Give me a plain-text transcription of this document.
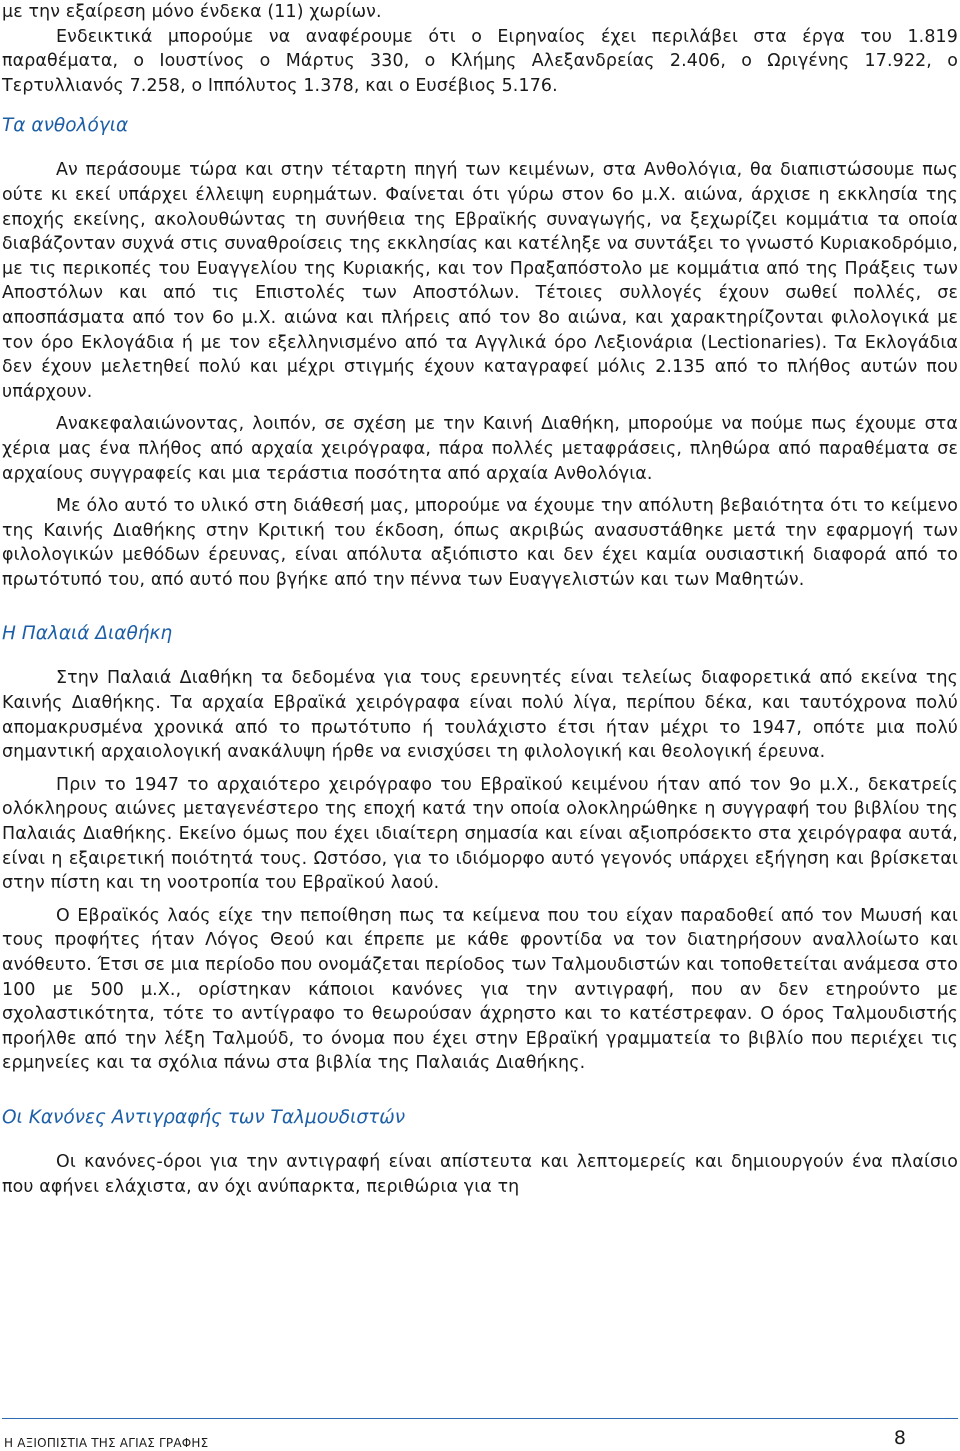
με την εξαίρεση μόνο ένδεκα (11) χωρίων.

Ενδεικτικά μπορούμε να αναφέρουμε ότι ο Ειρηναίος έχει περιλάβει στα έργα του 1.819 παραθέματα, ο Ιουστίνος ο Μάρτυς 330, ο Κλήμης Αλεξανδρείας 2.406, ο Ωριγένης 17.922, ο Τερτυλλιανός 7.258, ο Ιππόλυτος 1.378, και ο Ευσέβιος 5.176.

Τα ανθολόγια

Αν περάσουμε τώρα και στην τέταρτη πηγή των κειμένων, στα Ανθολόγια, θα διαπιστώσουμε πως ούτε κι εκεί υπάρχει έλλειψη ευρημάτων. Φαίνεται ότι γύρω στον 6ο μ.Χ. αιώνα, άρχισε η εκκλησία της εποχής εκείνης, ακολουθώντας τη συνήθεια της Εβραϊκής συναγωγής, να ξεχωρίζει κομμάτια τα οποία διαβάζονταν συχνά στις συναθροίσεις της εκκλησίας και κατέληξε να συντάξει το γνωστό Κυριακοδρόμιο, με τις περικοπές του Ευαγγελίου της Κυριακής, και τον Πραξαπόστολο με κομμάτια από της Πράξεις των Αποστόλων και από τις Επιστολές των Αποστόλων. Τέτοιες συλλογές έχουν σωθεί πολλές, σε αποσπάσματα από τον 6ο μ.Χ. αιώνα και πλήρεις από τον 8ο αιώνα, και χαρακτηρίζονται φιλολογικά με τον όρο Εκλογάδια ή με τον εξελληνισμένο από τα Αγγλικά όρο Λεξιονάρια (Lectionaries). Τα Εκλογάδια δεν έχουν μελετηθεί πολύ και μέχρι στιγμής έχουν καταγραφεί μόλις 2.135 από το πλήθος αυτών που υπάρχουν.

Ανακεφαλαιώνοντας, λοιπόν, σε σχέση με την Καινή Διαθήκη, μπορούμε να πούμε πως έχουμε στα χέρια μας ένα πλήθος από αρχαία χειρόγραφα, πάρα πολλές μεταφράσεις, πληθώρα από παραθέματα σε αρχαίους συγγραφείς και μια τεράστια ποσότητα από αρχαία Ανθολόγια.

Με όλο αυτό το υλικό στη διάθεσή μας, μπορούμε να έχουμε την απόλυτη βεβαιότητα ότι το κείμενο της Καινής Διαθήκης στην Κριτική του έκδοση, όπως ακριβώς ανασυστάθηκε μετά την εφαρμογή των φιλολογικών μεθόδων έρευνας, είναι απόλυτα αξιόπιστο και δεν έχει καμία ουσιαστική διαφορά από το πρωτότυπό του, από αυτό που βγήκε από την πέννα των Ευαγγελιστών και των Μαθητών.

Η Παλαιά Διαθήκη

Στην Παλαιά Διαθήκη τα δεδομένα για τους ερευνητές είναι τελείως διαφορετικά από εκείνα της Καινής Διαθήκης. Τα αρχαία Εβραϊκά χειρόγραφα είναι πολύ λίγα, περίπου δέκα, και ταυτόχρονα πολύ απομακρυσμένα χρονικά από το πρωτότυπο ή τουλάχιστο έτσι ήταν μέχρι το 1947, οπότε μια πολύ σημαντική αρχαιολογική ανακάλυψη ήρθε να ενισχύσει τη φιλολογική και θεολογική έρευνα.

Πριν το 1947 το αρχαιότερο χειρόγραφο του Εβραϊκού κειμένου ήταν από τον 9ο μ.Χ., δεκατρείς ολόκληρους αιώνες μεταγενέστερο της εποχή κατά την οποία ολοκληρώθηκε η συγγραφή του βιβλίου της Παλαιάς Διαθήκης. Εκείνο όμως που έχει ιδιαίτερη σημασία και είναι αξιοπρόσεκτο στα χειρόγραφα αυτά, είναι η εξαιρετική ποιότητά τους. Ωστόσο, για το ιδιόμορφο αυτό γεγονός υπάρχει εξήγηση και βρίσκεται στην πίστη και τη νοοτροπία του Εβραϊκού λαού.

Ο Εβραϊκός λαός είχε την πεποίθηση πως τα κείμενα που του είχαν παραδοθεί από τον Μωυσή και τους προφήτες ήταν Λόγος Θεού και έπρεπε με κάθε φροντίδα να τον διατηρήσουν αναλλοίωτο και ανόθευτο. Έτσι σε μια περίοδο που ονομάζεται περίοδος των Ταλμουδιστών και τοποθετείται ανάμεσα στο 100 με 500 μ.Χ., ορίστηκαν κάποιοι κανόνες για την αντιγραφή, που αν δεν ετηρούντο με σχολαστικότητα, τότε το αντίγραφο το θεωρούσαν άχρηστο και το κατέστρεφαν. Ο όρος Ταλμουδιστής προήλθε από την λέξη Ταλμούδ, το όνομα που έχει στην Εβραϊκή γραμματεία το βιβλίο που περιέχει τις ερμηνείες και τα σχόλια πάνω στα βιβλία της Παλαιάς Διαθήκης.

Οι Κανόνες Αντιγραφής των Ταλμουδιστών

Οι κανόνες-όροι για την αντιγραφή είναι απίστευτα και λεπτομερείς και δημιουργούν ένα πλαίσιο που αφήνει ελάχιστα, αν όχι ανύπαρκτα, περιθώρια για τη

Η ΑΞΙΟΠΙΣΤΙΑ ΤΗΣ ΑΓΙΑΣ ΓΡΑΦΗΣ	8
